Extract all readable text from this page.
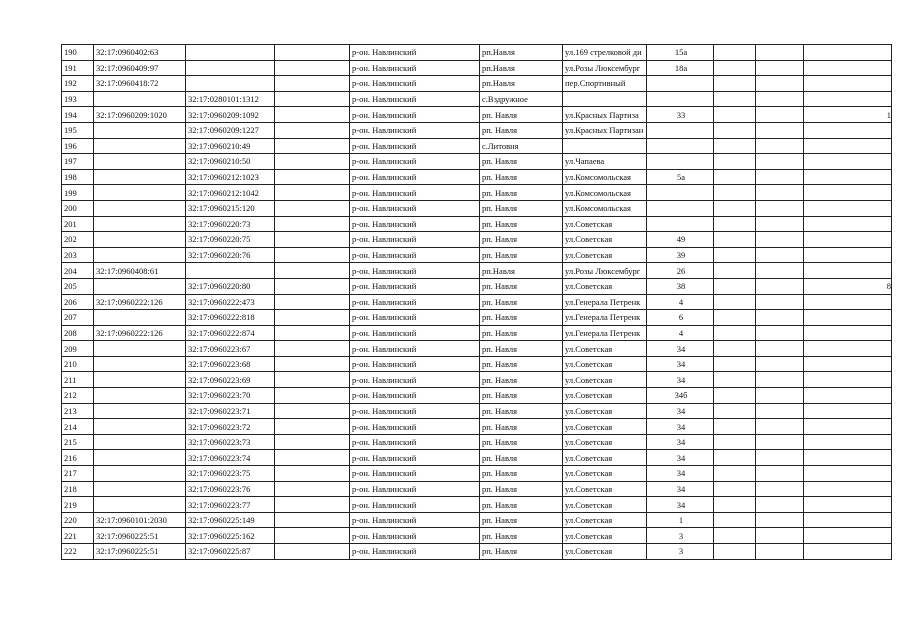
190	32:17:0960402:63			р-он. Навлинский	рп.Навля	ул.169 стрелковой ди	15а			
191	32:17:0960409:97			р-он. Навлинский	рп.Навля	ул.Розы Люксембург	18а			
192	32:17:0960418:72			р-он. Навлинский	рп.Навля	пер.Спортивный				
193		32:17:0280101:1312		р-он. Навлинский	с.Вздружное					
194	32:17:0960209:1020	32:17:0960209:1092		р-он. Навлинский	рп. Навля	ул.Красных Партиза	33			1
195		32:17:0960209:1227		р-он. Навлинский	рп. Навля	ул.Красных Партизан				
196		32:17:0960210:49		р-он. Навлинский	с.Литовня					
197		32:17:0960210:50		р-он. Навлинский	рп. Навля	ул.Чапаева				
198		32:17:0960212:1023		р-он. Навлинский	рп. Навля	ул.Комсомольская	5а			
199		32:17:0960212:1042		р-он. Навлинский	рп. Навля	ул.Комсомольская				
200		32:17:0960215:120		р-он. Навлинский	рп. Навля	ул.Комсомольская				
201		32:17:0960220:73		р-он. Навлинский	рп. Навля	ул.Советская				
202		32:17:0960220:75		р-он. Навлинский	рп. Навля	ул.Советская	49			
203		32:17:0960220:76		р-он. Навлинский	рп. Навля	ул.Советская	39			
204	32:17:0960408:61			р-он. Навлинский	рп.Навля	ул.Розы Люксембург	26			
205		32:17:0960220:80		р-он. Навлинский	рп. Навля	ул.Советская	38			8
206	32:17:0960222:126	32:17:0960222:473		р-он. Навлинский	рп. Навля	ул.Генерала Петренк	4			
207		32:17:0960222:818		р-он. Навлинский	рп. Навля	ул.Генерала Петренк	6			
208	32:17:0960222:126	32:17:0960222:874		р-он. Навлинский	рп. Навля	ул.Генерала Петренк	4			
209		32:17:0960223:67		р-он. Навлинский	рп. Навля	ул.Советская	34			
210		32:17:0960223:68		р-он. Навлинский	рп. Навля	ул.Советская	34			
211		32:17:0960223:69		р-он. Навлинский	рп. Навля	ул.Советская	34			
212		32:17:0960223:70		р-он. Навлинский	рп. Навля	ул.Советская	34б			
213		32:17:0960223:71		р-он. Навлинский	рп. Навля	ул.Советская	34			
214		32:17:0960223:72		р-он. Навлинский	рп. Навля	ул.Советская	34			
215		32:17:0960223:73		р-он. Навлинский	рп. Навля	ул.Советская	34			
216		32:17:0960223:74		р-он. Навлинский	рп. Навля	ул.Советская	34			
217		32:17:0960223:75		р-он. Навлинский	рп. Навля	ул.Советская	34			
218		32:17:0960223:76		р-он. Навлинский	рп. Навля	ул.Советская	34			
219		32:17:0960223:77		р-он. Навлинский	рп. Навля	ул.Советская	34			
220	32:17:0960101:2030	32:17:0960225:149		р-он. Навлинский	рп. Навля	ул.Советская	1			
221	32:17:0960225:51	32:17:0960225:162		р-он. Навлинский	рп. Навля	ул.Советская	3			
222	32:17:0960225:51	32:17:0960225:87		р-он. Навлинский	рп. Навля	ул.Советская	3			
